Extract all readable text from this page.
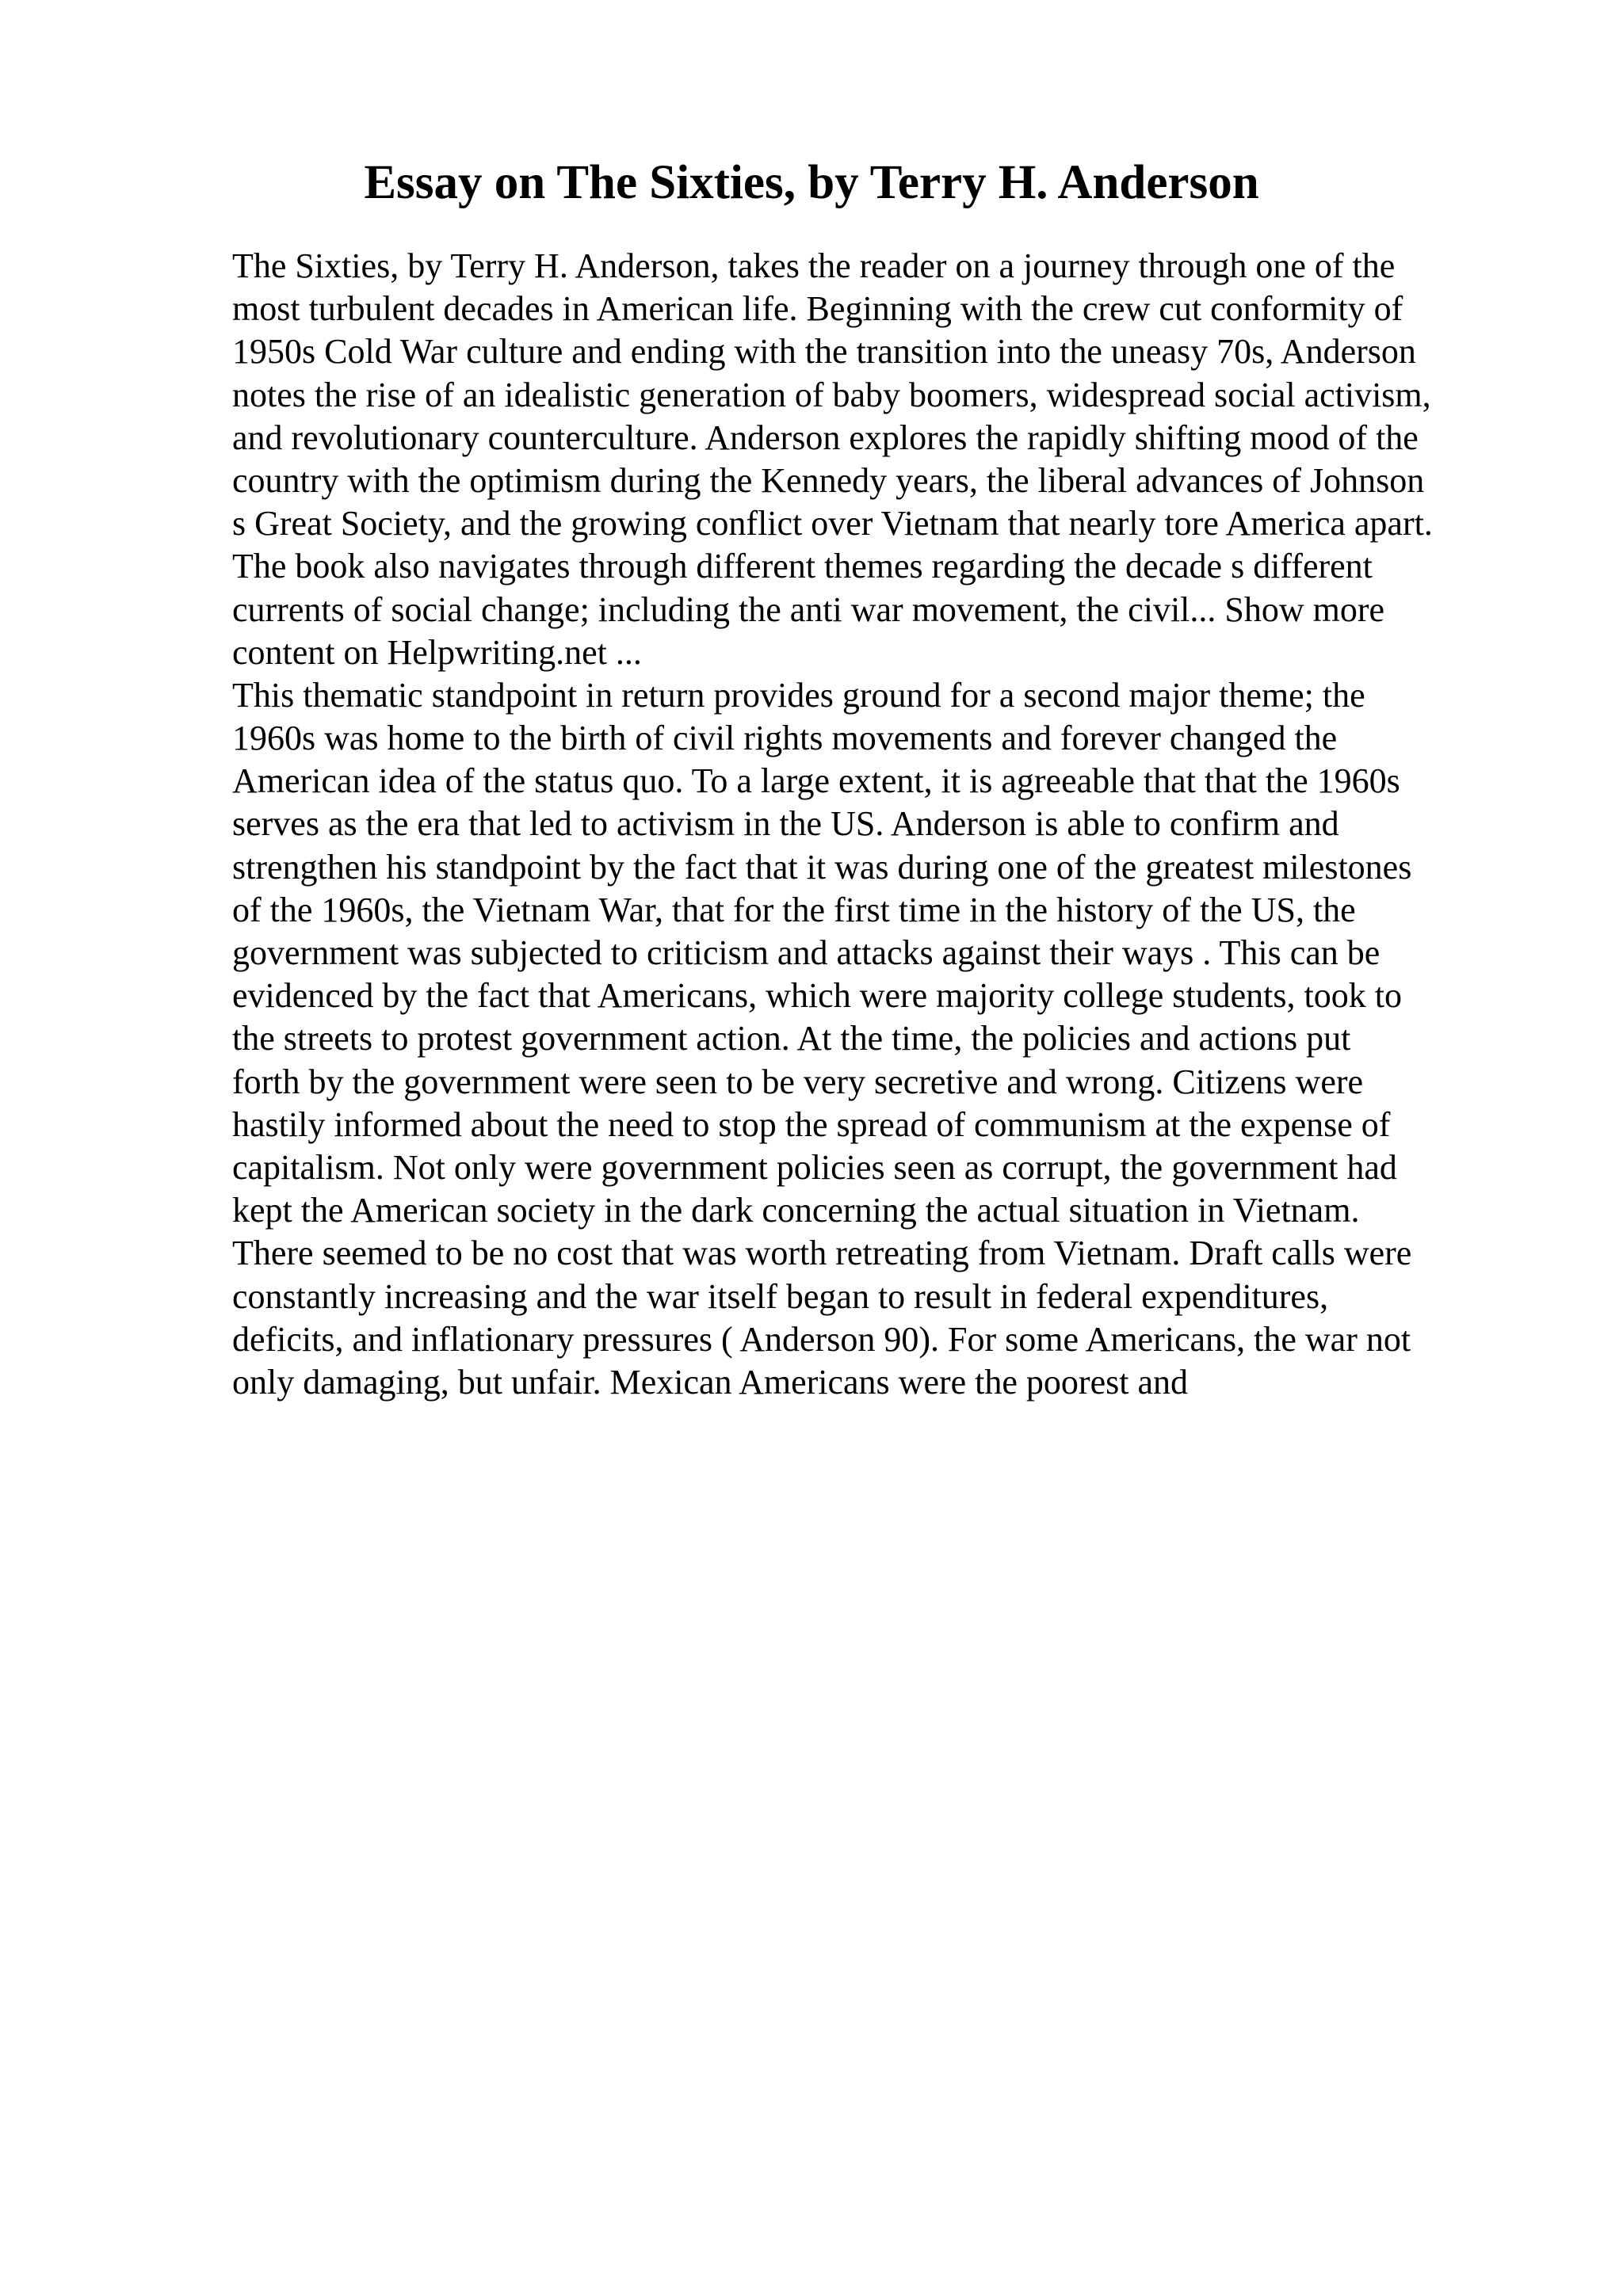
Essay on The Sixties, by Terry H. Anderson
The Sixties, by Terry H. Anderson, takes the reader on a journey through one of the
most turbulent decades in American life. Beginning with the crew cut conformity of
1950s Cold War culture and ending with the transition into the uneasy 70s, Anderson
notes the rise of an idealistic generation of baby boomers, widespread social activism,
and revolutionary counterculture. Anderson explores the rapidly shifting mood of the
country with the optimism during the Kennedy years, the liberal advances of Johnson
s Great Society, and the growing conflict over Vietnam that nearly tore America apart.
The book also navigates through different themes regarding the decade s different
currents of social change; including the anti war movement, the civil... Show more
content on Helpwriting.net ...
This thematic standpoint in return provides ground for a second major theme; the
1960s was home to the birth of civil rights movements and forever changed the
American idea of the status quo. To a large extent, it is agreeable that that the 1960s
serves as the era that led to activism in the US. Anderson is able to confirm and
strengthen his standpoint by the fact that it was during one of the greatest milestones
of the 1960s, the Vietnam War, that for the first time in the history of the US, the
government was subjected to criticism and attacks against their ways . This can be
evidenced by the fact that Americans, which were majority college students, took to
the streets to protest government action. At the time, the policies and actions put
forth by the government were seen to be very secretive and wrong. Citizens were
hastily informed about the need to stop the spread of communism at the expense of
capitalism. Not only were government policies seen as corrupt, the government had
kept the American society in the dark concerning the actual situation in Vietnam.
There seemed to be no cost that was worth retreating from Vietnam. Draft calls were
constantly increasing and the war itself began to result in federal expenditures,
deficits, and inflationary pressures ( Anderson 90). For some Americans, the war not
only damaging, but unfair. Mexican Americans were the poorest and
